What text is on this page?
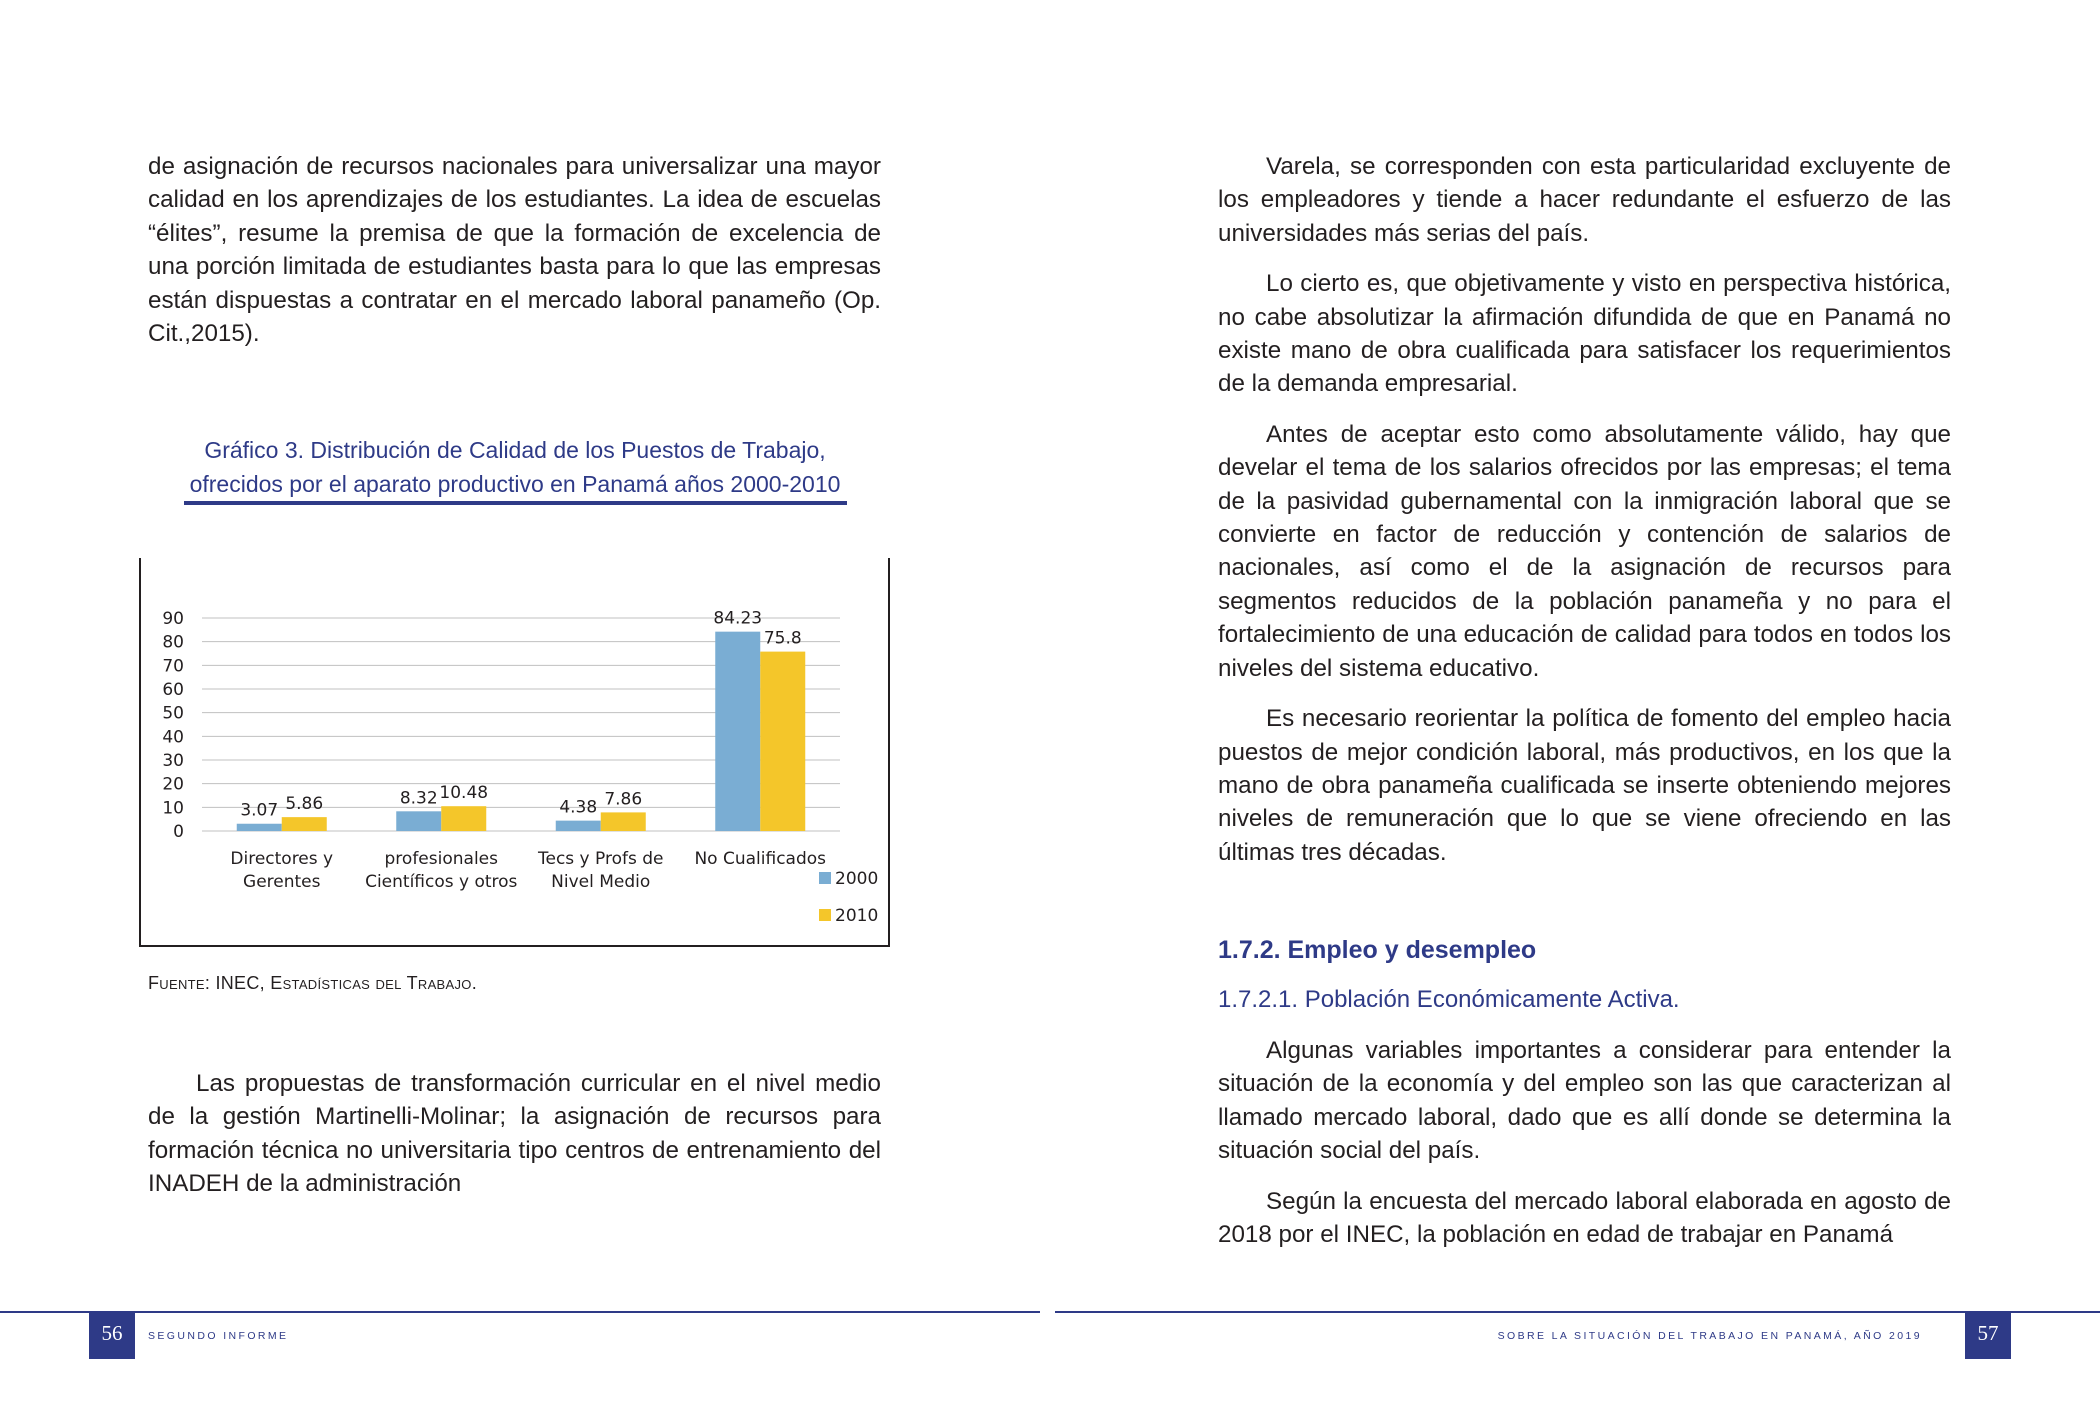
de asignación de recursos nacionales para universalizar una mayor calidad en los aprendizajes de los estudiantes. La idea de escuelas “élites”, resume la premisa de que la formación de excelencia de una porción limitada de estudiantes basta para lo que las empresas están dispuestas a contratar en el mercado laboral panameño (Op. Cit.,2015).

Gráfico 3. Distribución de Calidad de los Puestos de Trabajo,
ofrecidos por el aparato productivo en Panamá años 2000-2010
0
10
20
30
40
50
60
70
80
90
3.07 5.86
Directores y
Gerentes
8.32 10.48
profesionales
Científicos y otros
4.38 7.86
Tecs y Profs de
Nivel Medio
84.23
75.8
No Cualificados
2000
2010
Fuente: INEC, Estadísticas del Trabajo.

Las propuestas de transformación curricular en el nivel medio de la gestión Martinelli-Molinar; la asignación de recursos para formación técnica no universitaria tipo centros de entrenamiento del INADEH de la administración

Varela, se corresponden con esta particularidad excluyente de los empleadores y tiende a hacer redundante el esfuerzo de las universidades más serias del país.

Lo cierto es, que objetivamente y visto en perspectiva histórica, no cabe absolutizar la afirmación difundida de que en Panamá no existe mano de obra cualificada para satisfacer los requerimientos de la demanda empresarial.

Antes de aceptar esto como absolutamente válido, hay que develar el tema de los salarios ofrecidos por las empresas; el tema de la pasividad gubernamental con la inmigración laboral que se convierte en factor de reducción y contención de salarios de nacionales, así como el de la asignación de recursos para segmentos reducidos de la población panameña y no para el fortalecimiento de una educación de calidad para todos en todos los niveles del sistema educativo.

Es necesario reorientar la política de fomento del empleo hacia puestos de mejor condición laboral, más productivos, en los que la mano de obra panameña cualificada se inserte obteniendo mejores niveles de remuneración que lo que se viene ofreciendo en las últimas tres décadas.

1.7.2. Empleo y desempleo
1.7.2.1. Población Económicamente Activa.

Algunas variables importantes a considerar para entender la situación de la economía y del empleo son las que caracterizan al llamado mercado laboral, dado que es allí donde se determina la situación social del país.

Según la encuesta del mercado laboral elaborada en agosto de 2018 por el INEC, la población en edad de trabajar en Panamá

56	SEGUNDO INFORME	SOBRE LA SITUACIÓN DEL TRABAJO EN PANAMÁ, AÑO 2019	57
